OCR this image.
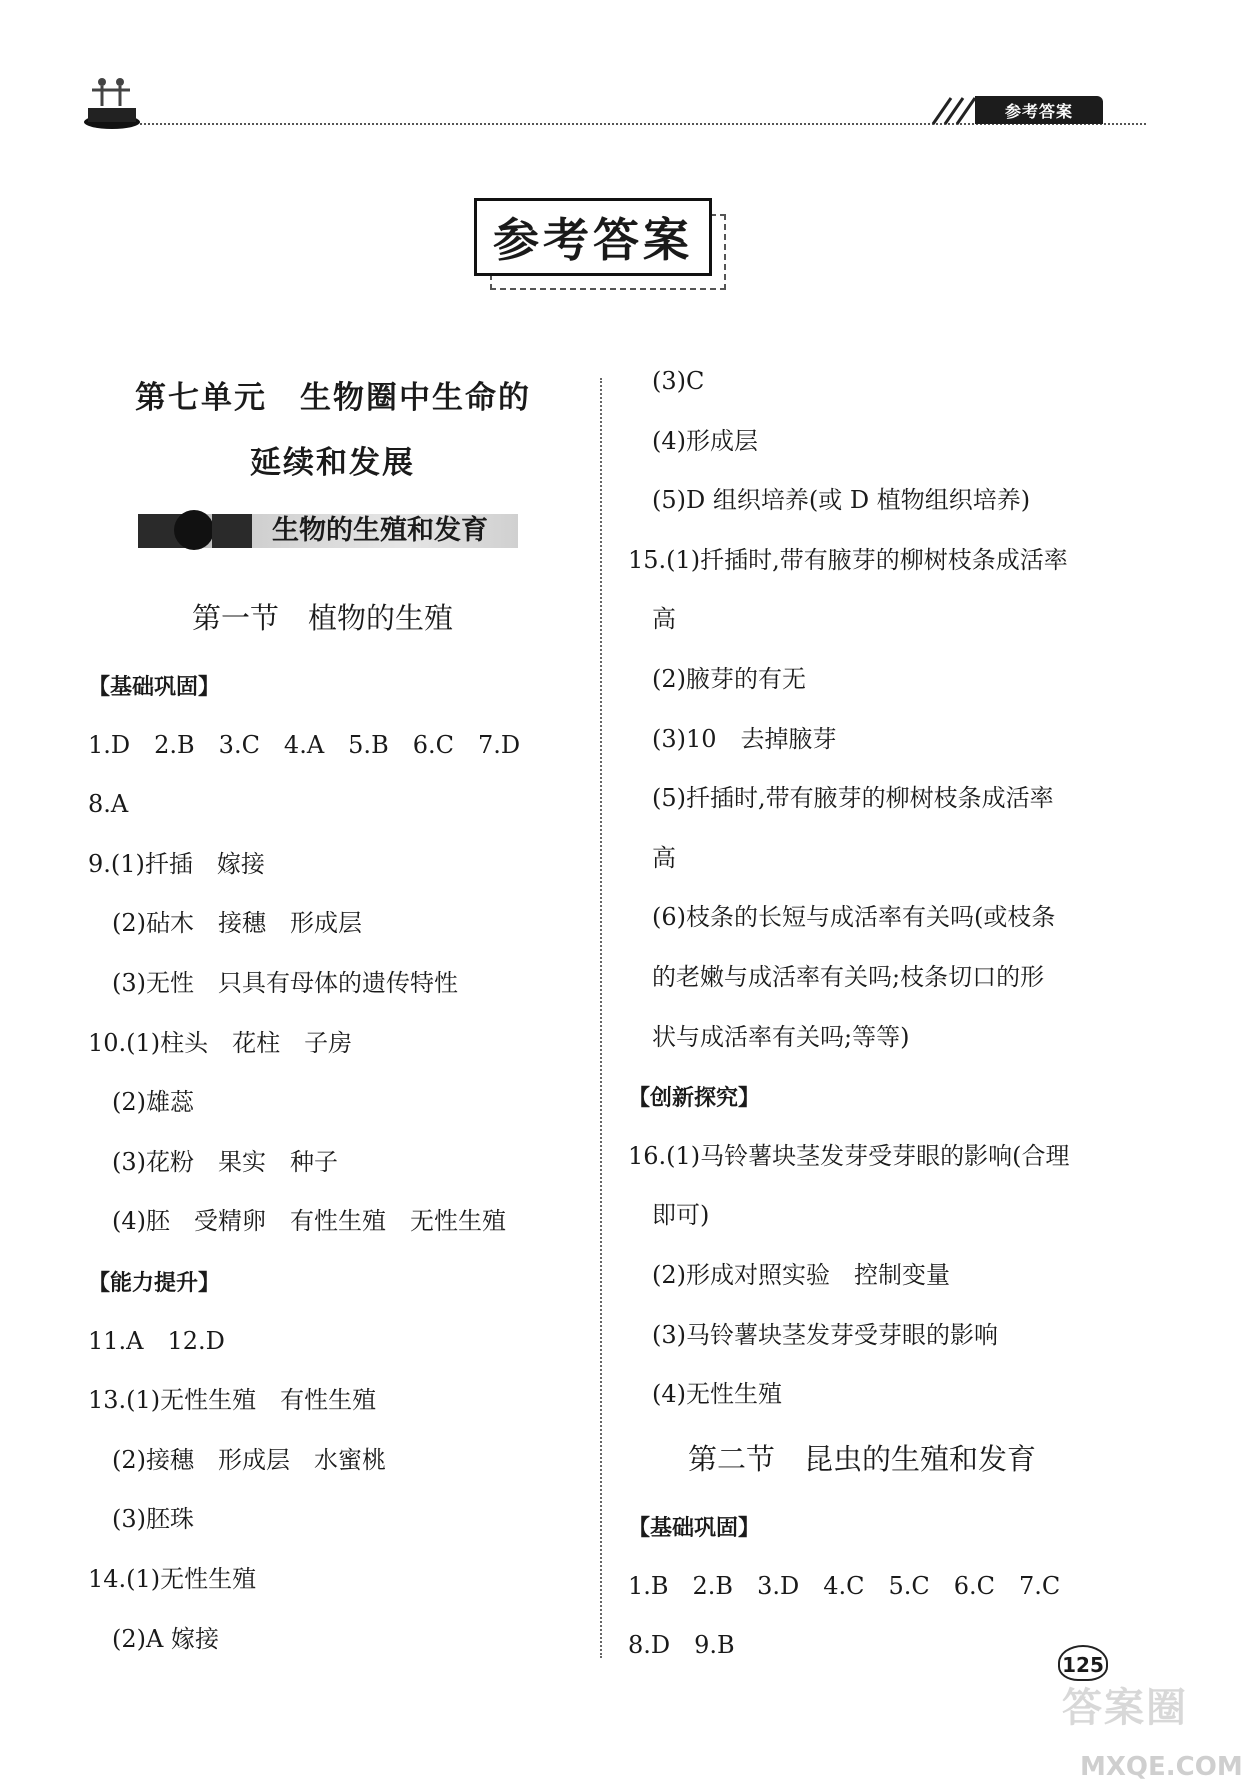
参考答案
参考答案
第七单元　生物圈中生命的
延续和发展
生物的生殖和发育
第一节　植物的生殖
【基础巩固】
1.D　2.B　3.C　4.A　5.B　6.C　7.D
8.A
9.(1)扦插　嫁接
　(2)砧木　接穗　形成层
　(3)无性　只具有母体的遗传特性
10.(1)柱头　花柱　子房
　(2)雄蕊
　(3)花粉　果实　种子
　(4)胚　受精卵　有性生殖　无性生殖
【能力提升】
11.A　12.D
13.(1)无性生殖　有性生殖
　(2)接穗　形成层　水蜜桃
　(3)胚珠
14.(1)无性生殖
　(2)A 嫁接
　(3)C
　(4)形成层
　(5)D 组织培养(或 D 植物组织培养)
15.(1)扦插时,带有腋芽的柳树枝条成活率
　高
　(2)腋芽的有无
　(3)10　去掉腋芽
　(5)扦插时,带有腋芽的柳树枝条成活率
　高
　(6)枝条的长短与成活率有关吗(或枝条
　的老嫩与成活率有关吗;枝条切口的形
　状与成活率有关吗;等等)
【创新探究】
16.(1)马铃薯块茎发芽受芽眼的影响(合理
　即可)
　(2)形成对照实验　控制变量
　(3)马铃薯块茎发芽受芽眼的影响
　(4)无性生殖
第二节　昆虫的生殖和发育
【基础巩固】
1.B　2.B　3.D　4.C　5.C　6.C　7.C
8.D　9.B
125
答案圈
MXQE.COM
